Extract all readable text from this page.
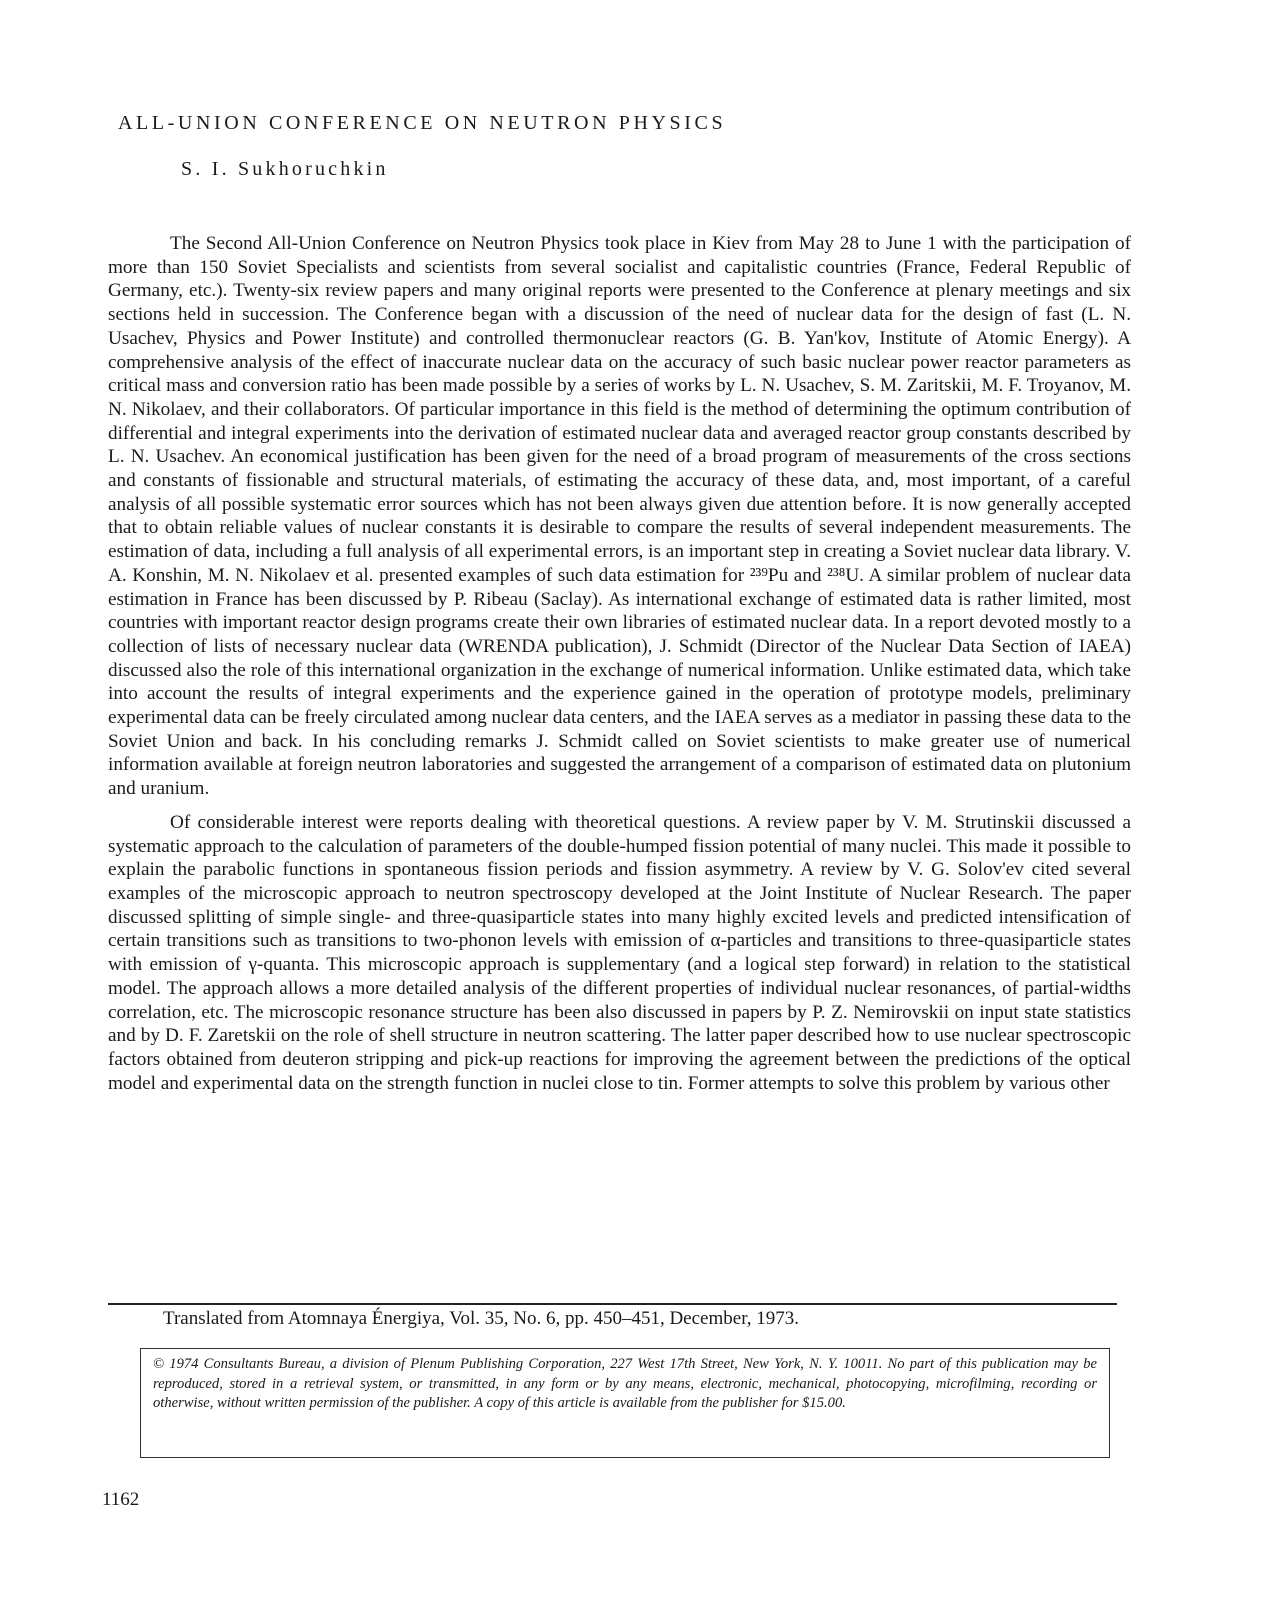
ALL-UNION CONFERENCE ON NEUTRON PHYSICS
S. I. Sukhoruchkin

The Second All-Union Conference on Neutron Physics took place in Kiev from May 28 to June 1 with the participation of more than 150 Soviet Specialists and scientists from several socialist and capitalistic countries (France, Federal Republic of Germany, etc.). Twenty-six review papers and many original reports were presented to the Conference at plenary meetings and six sections held in succession. The Conference began with a discussion of the need of nuclear data for the design of fast (L. N. Usachev, Physics and Power Institute) and controlled thermonuclear reactors (G. B. Yan'kov, Institute of Atomic Energy). A comprehensive analysis of the effect of inaccurate nuclear data on the accuracy of such basic nuclear power reactor parameters as critical mass and conversion ratio has been made possible by a series of works by L. N. Usachev, S. M. Zaritskii, M. F. Troyanov, M. N. Nikolaev, and their collaborators. Of particular importance in this field is the method of determining the optimum contribution of differential and integral experiments into the derivation of estimated nuclear data and averaged reactor group constants described by L. N. Usachev. An economical justification has been given for the need of a broad program of measurements of the cross sections and constants of fissionable and structural materials, of estimating the accuracy of these data, and, most important, of a careful analysis of all possible systematic error sources which has not been always given due attention before. It is now generally accepted that to obtain reliable values of nuclear constants it is desirable to compare the results of several independent measurements. The estimation of data, including a full analysis of all experimental errors, is an important step in creating a Soviet nuclear data library. V. A. Konshin, M. N. Nikolaev et al. presented examples of such data estimation for ²³⁹Pu and ²³⁸U. A similar problem of nuclear data estimation in France has been discussed by P. Ribeau (Saclay). As international exchange of estimated data is rather limited, most countries with important reactor design programs create their own libraries of estimated nuclear data. In a report devoted mostly to a collection of lists of necessary nuclear data (WRENDA publication), J. Schmidt (Director of the Nuclear Data Section of IAEA) discussed also the role of this international organization in the exchange of numerical information. Unlike estimated data, which take into account the results of integral experiments and the experience gained in the operation of prototype models, preliminary experimental data can be freely circulated among nuclear data centers, and the IAEA serves as a mediator in passing these data to the Soviet Union and back. In his concluding remarks J. Schmidt called on Soviet scientists to make greater use of numerical information available at foreign neutron laboratories and suggested the arrangement of a comparison of estimated data on plutonium and uranium.

Of considerable interest were reports dealing with theoretical questions. A review paper by V. M. Strutinskii discussed a systematic approach to the calculation of parameters of the double-humped fission potential of many nuclei. This made it possible to explain the parabolic functions in spontaneous fission periods and fission asymmetry. A review by V. G. Solov'ev cited several examples of the microscopic approach to neutron spectroscopy developed at the Joint Institute of Nuclear Research. The paper discussed splitting of simple single- and three-quasiparticle states into many highly excited levels and predicted intensification of certain transitions such as transitions to two-phonon levels with emission of α-particles and transitions to three-quasiparticle states with emission of γ-quanta. This microscopic approach is supplementary (and a logical step forward) in relation to the statistical model. The approach allows a more detailed analysis of the different properties of individual nuclear resonances, of partial-widths correlation, etc. The microscopic resonance structure has been also discussed in papers by P. Z. Nemirovskii on input state statistics and by D. F. Zaretskii on the role of shell structure in neutron scattering. The latter paper described how to use nuclear spectroscopic factors obtained from deuteron stripping and pick-up reactions for improving the agreement between the predictions of the optical model and experimental data on the strength function in nuclei close to tin. Former attempts to solve this problem by various other

Translated from Atomnaya Énergiya, Vol. 35, No. 6, pp. 450–451, December, 1973.
© 1974 Consultants Bureau, a division of Plenum Publishing Corporation, 227 West 17th Street, New York, N. Y. 10011. No part of this publication may be reproduced, stored in a retrieval system, or transmitted, in any form or by any means, electronic, mechanical, photocopying, microfilming, recording or otherwise, without written permission of the publisher. A copy of this article is available from the publisher for $15.00.
1162
